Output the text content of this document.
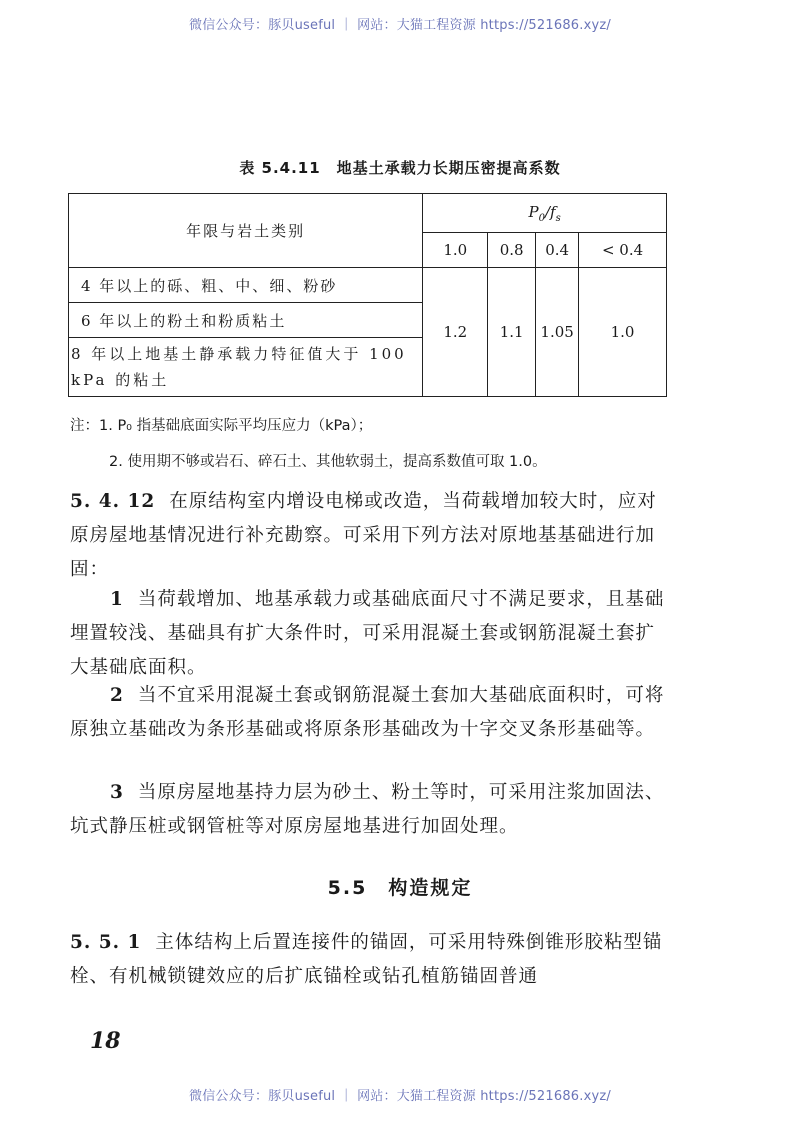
微信公众号：豚贝useful ｜ 网站：大猫工程资源 https://521686.xyz/
表 5.4.11　地基土承载力长期压密提高系数
年限与岩土类别	$P_0/f_s$
	1.0	0.8	0.4	< 0.4
4 年以上的砾、粗、中、细、粉砂	1.2	1.1	1.05	1.0
6 年以上的粉土和粉质粘土				
8 年以上地基土静承载力特征值大于 100 kPa 的粘土				
注：1. P₀ 指基础底面实际平均压应力（kPa）；
2. 使用期不够或岩石、碎石土、其他软弱土，提高系数值可取 1.0。
5. 4. 12 在原结构室内增设电梯或改造，当荷载增加较大时，应对原房屋地基情况进行补充勘察。可采用下列方法对原地基基础进行加固：
1 当荷载增加、地基承载力或基础底面尺寸不满足要求，且基础埋置较浅、基础具有扩大条件时，可采用混凝土套或钢筋混凝土套扩大基础底面积。
2 当不宜采用混凝土套或钢筋混凝土套加大基础底面积时，可将原独立基础改为条形基础或将原条形基础改为十字交叉条形基础等。
3 当原房屋地基持力层为砂土、粉土等时，可采用注浆加固法、坑式静压桩或钢管桩等对原房屋地基进行加固处理。
5.5　构造规定
5. 5. 1 主体结构上后置连接件的锚固，可采用特殊倒锥形胶粘型锚栓、有机械锁键效应的后扩底锚栓或钻孔植筋锚固普通
18
微信公众号：豚贝useful ｜ 网站：大猫工程资源 https://521686.xyz/
